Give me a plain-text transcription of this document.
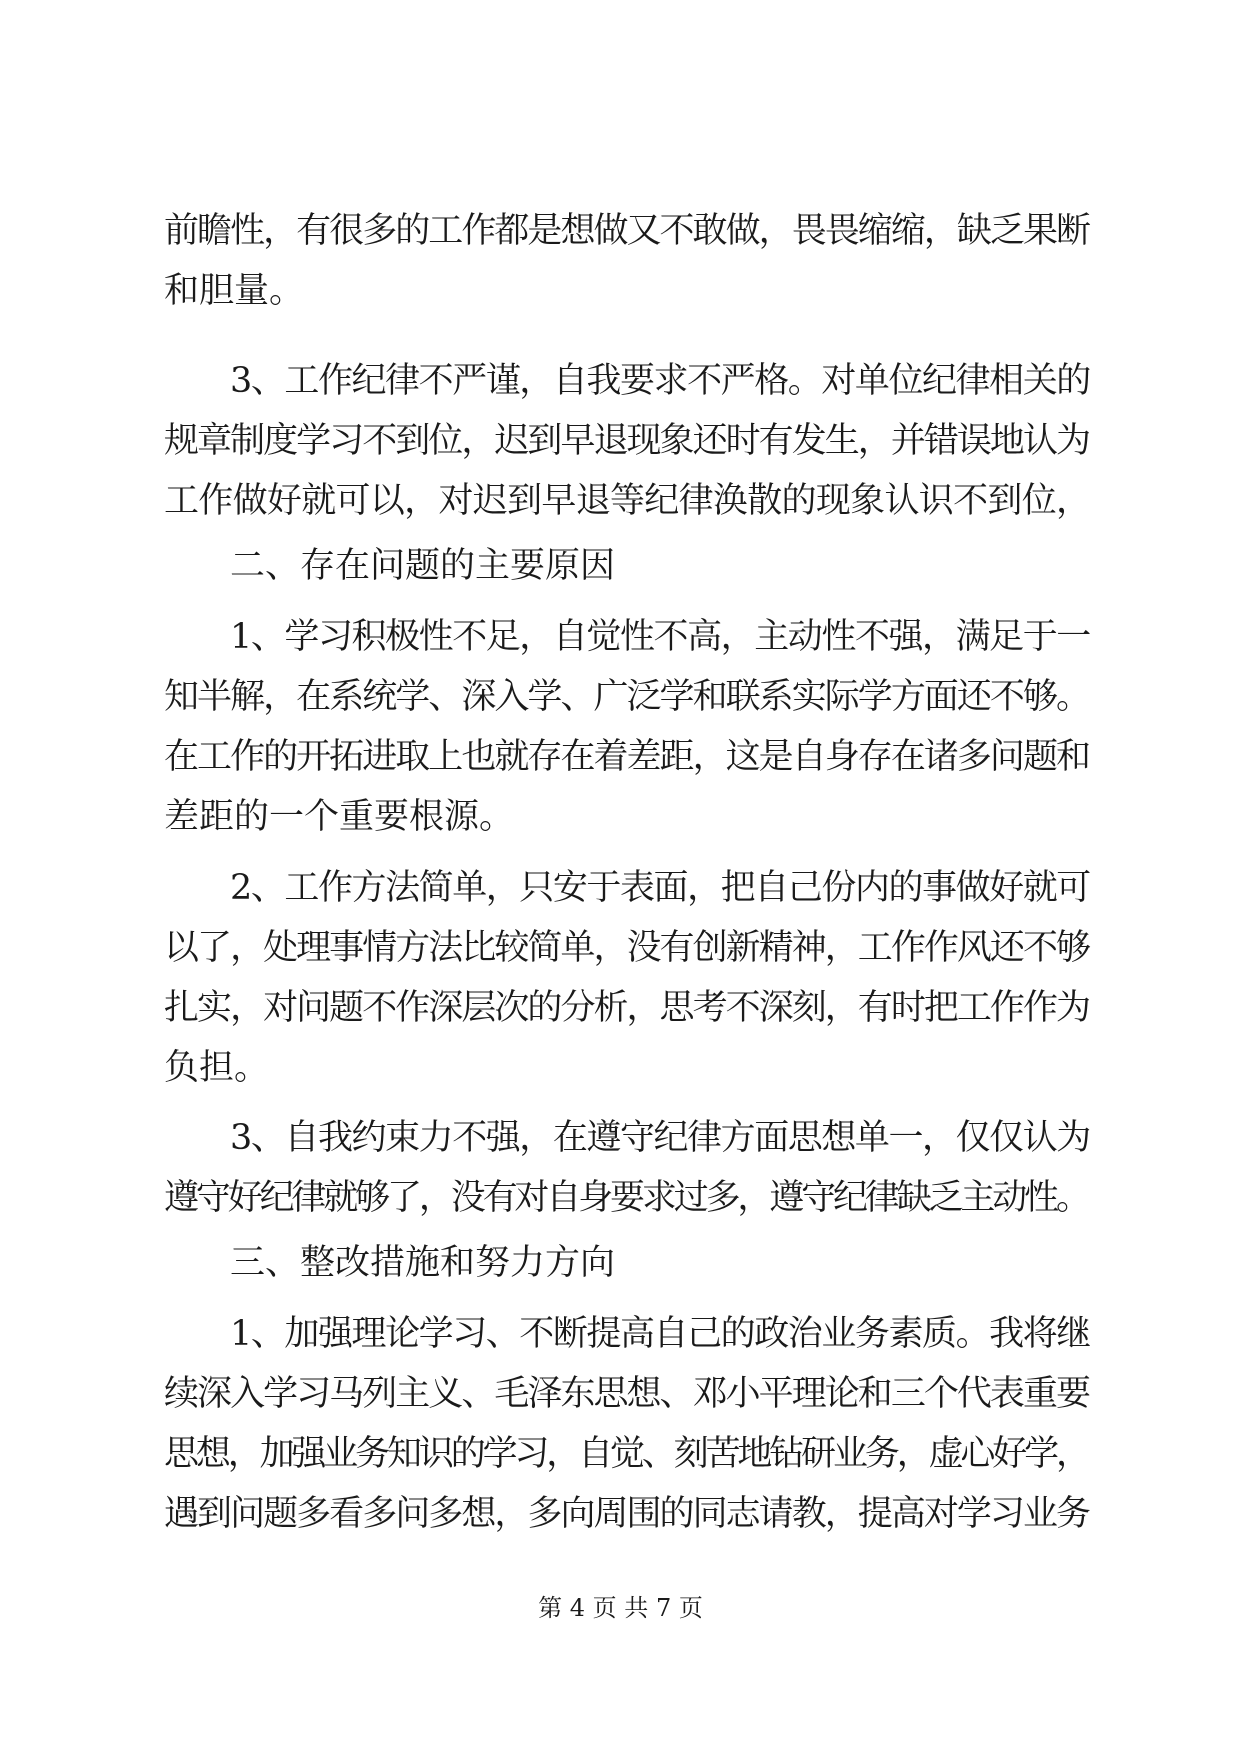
前瞻性，有很多的工作都是想做又不敢做，畏畏缩缩，缺乏果断
和胆量。
3、工作纪律不严谨，自我要求不严格。对单位纪律相关的
规章制度学习不到位，迟到早退现象还时有发生，并错误地认为
工作做好就可以，对迟到早退等纪律涣散的现象认识不到位，
二、存在问题的主要原因
1、学习积极性不足，自觉性不高，主动性不强，满足于一
知半解，在系统学、深入学、广泛学和联系实际学方面还不够。
在工作的开拓进取上也就存在着差距，这是自身存在诸多问题和
差距的一个重要根源。
2、工作方法简单，只安于表面，把自己份内的事做好就可
以了，处理事情方法比较简单，没有创新精神，工作作风还不够
扎实，对问题不作深层次的分析，思考不深刻，有时把工作作为
负担。
3、自我约束力不强，在遵守纪律方面思想单一，仅仅认为
遵守好纪律就够了，没有对自身要求过多，遵守纪律缺乏主动性。
三、整改措施和努力方向
1、加强理论学习、不断提高自己的政治业务素质。我将继
续深入学习马列主义、毛泽东思想、邓小平理论和三个代表重要
思想，加强业务知识的学习，自觉、刻苦地钻研业务，虚心好学，
遇到问题多看多问多想，多向周围的同志请教，提高对学习业务
第 4 页 共 7 页
